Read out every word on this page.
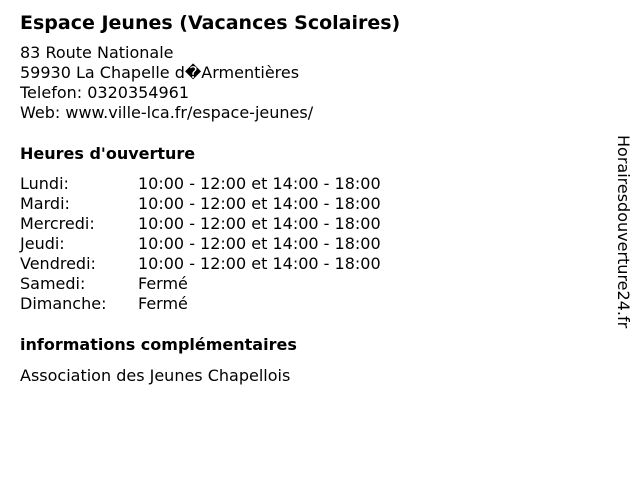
Espace Jeunes (Vacances Scolaires)
83 Route Nationale
59930 La Chapelle d�Armentières
Telefon: 0320354961
Web: www.ville-lca.fr/espace-jeunes/
Heures d'ouverture
Lundi:	10:00 - 12:00 et 14:00 - 18:00
Mardi:	10:00 - 12:00 et 14:00 - 18:00
Mercredi:	10:00 - 12:00 et 14:00 - 18:00
Jeudi:	10:00 - 12:00 et 14:00 - 18:00
Vendredi:	10:00 - 12:00 et 14:00 - 18:00
Samedi:	Fermé
Dimanche:	Fermé
informations complémentaires
Association des Jeunes Chapellois
Horairesdouverture24.fr
